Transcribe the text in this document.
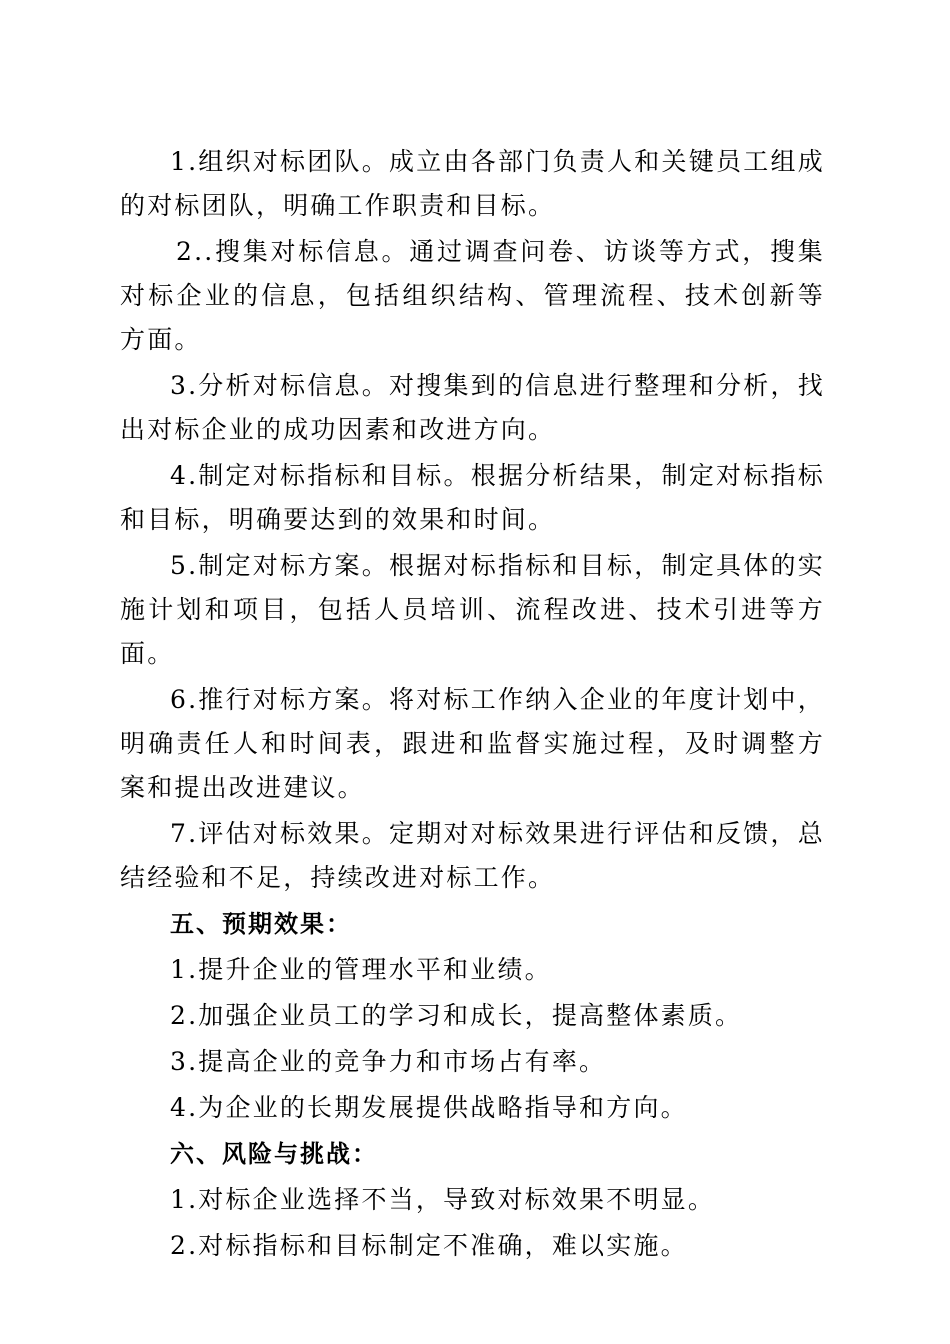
1.组织对标团队。成立由各部门负责人和关键员工组成的对标团队，明确工作职责和目标。

2..搜集对标信息。通过调查问卷、访谈等方式，搜集对标企业的信息，包括组织结构、管理流程、技术创新等方面。

3.分析对标信息。对搜集到的信息进行整理和分析，找出对标企业的成功因素和改进方向。

4.制定对标指标和目标。根据分析结果，制定对标指标和目标，明确要达到的效果和时间。

5.制定对标方案。根据对标指标和目标，制定具体的实施计划和项目，包括人员培训、流程改进、技术引进等方面。

6.推行对标方案。将对标工作纳入企业的年度计划中，明确责任人和时间表，跟进和监督实施过程，及时调整方案和提出改进建议。

7.评估对标效果。定期对对标效果进行评估和反馈，总结经验和不足，持续改进对标工作。

五、预期效果：

1.提升企业的管理水平和业绩。

2.加强企业员工的学习和成长，提高整体素质。

3.提高企业的竞争力和市场占有率。

4.为企业的长期发展提供战略指导和方向。

六、风险与挑战：

1.对标企业选择不当，导致对标效果不明显。

2.对标指标和目标制定不准确，难以实施。
